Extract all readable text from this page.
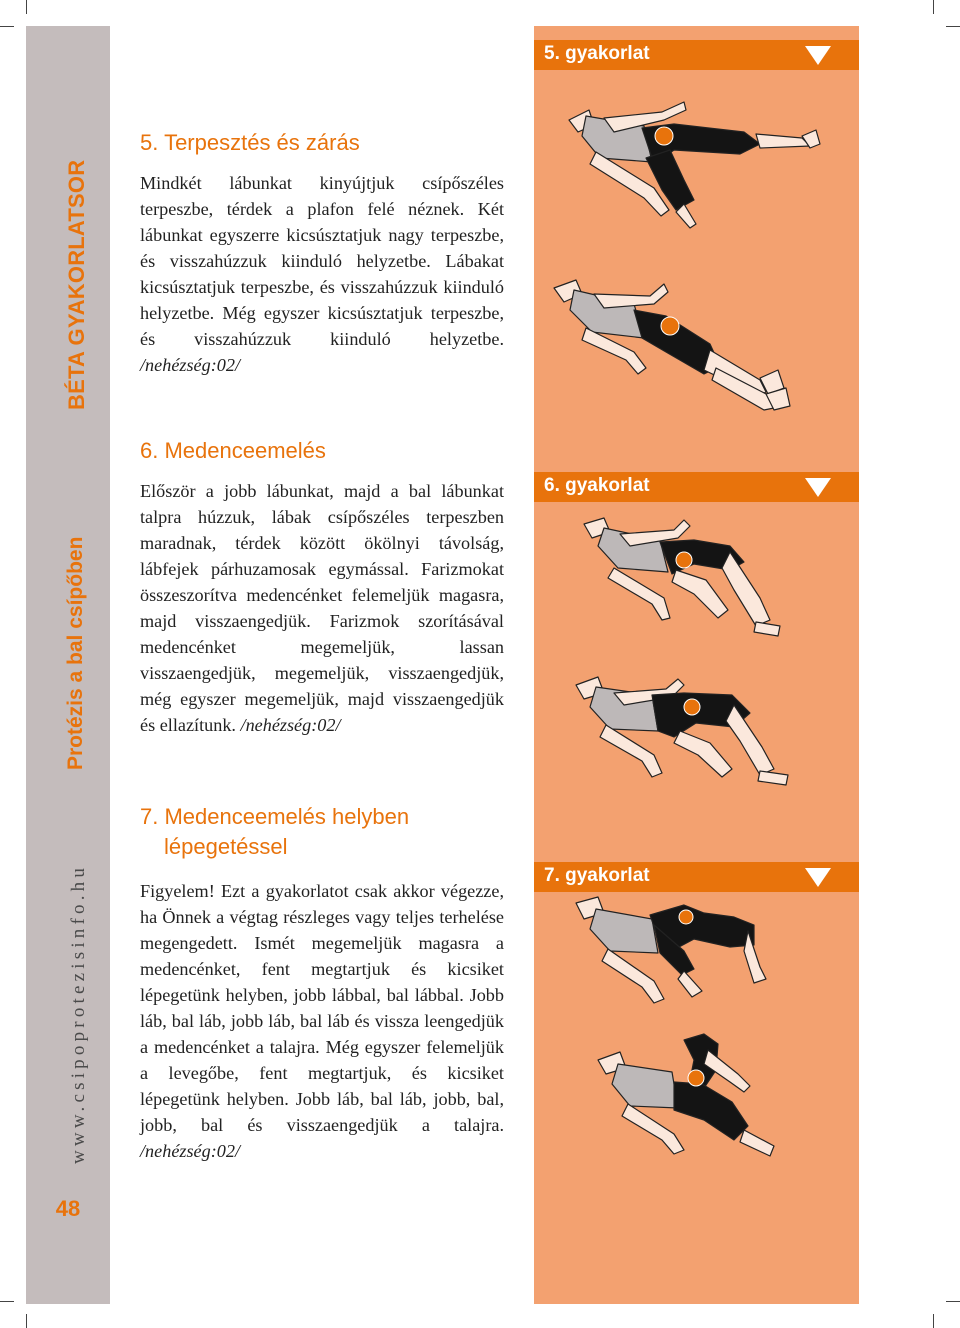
BÉTA GYAKORLATSOR
Protézis a bal csípőben
www.csipoprotezisinfo.hu
48
5. Terpesztés és zárás

Mindkét lábunkat kinyújtjuk csípőszéles terpeszbe, térdek a plafon felé néznek. Két lábunkat egyszerre kicsúsztatjuk nagy terpeszbe, és visszahúzzuk kiinduló helyzetbe. Lábakat kicsúsztatjuk terpeszbe, és visszahúzzuk kiinduló helyzetbe. Még egyszer kicsúsztatjuk terpeszbe, és visszahúzzuk kiinduló helyzetbe. /nehézség:02/

6. Medenceemelés

Először a jobb lábunkat, majd a bal lábunkat talpra húzzuk, lábak csípőszéles terpeszben maradnak, térdek között ökölnyi távolság, lábfejek párhuzamosak egymással. Farizmokat összeszorítva medencénket felemeljük magasra, majd visszaengedjük. Farizmok szorításával medencénket megemeljük, lassan visszaengedjük, megemeljük, visszaengedjük, még egyszer megemeljük, majd visszaengedjük és ellazítunk. /nehézség:02/

7. Medenceemelés helyben lépegetéssel

Figyelem! Ezt a gyakorlatot csak akkor végezze, ha Önnek a végtag részleges vagy teljes terhelése megengedett. Ismét megemeljük magasra a medencénket, fent megtartjuk és kicsiket lépegetünk helyben, jobb lábbal, bal lábbal. Jobb láb, bal láb, jobb láb, bal láb és vissza leengedjük a medencénket a talajra. Még egyszer felemeljük a levegőbe, fent megtartjuk, és kicsiket lépegetünk helyben. Jobb láb, bal láb, jobb, bal, jobb, bal és visszaengedjük a talajra. /nehézség:02/

5. gyakorlat
6. gyakorlat
7. gyakorlat
